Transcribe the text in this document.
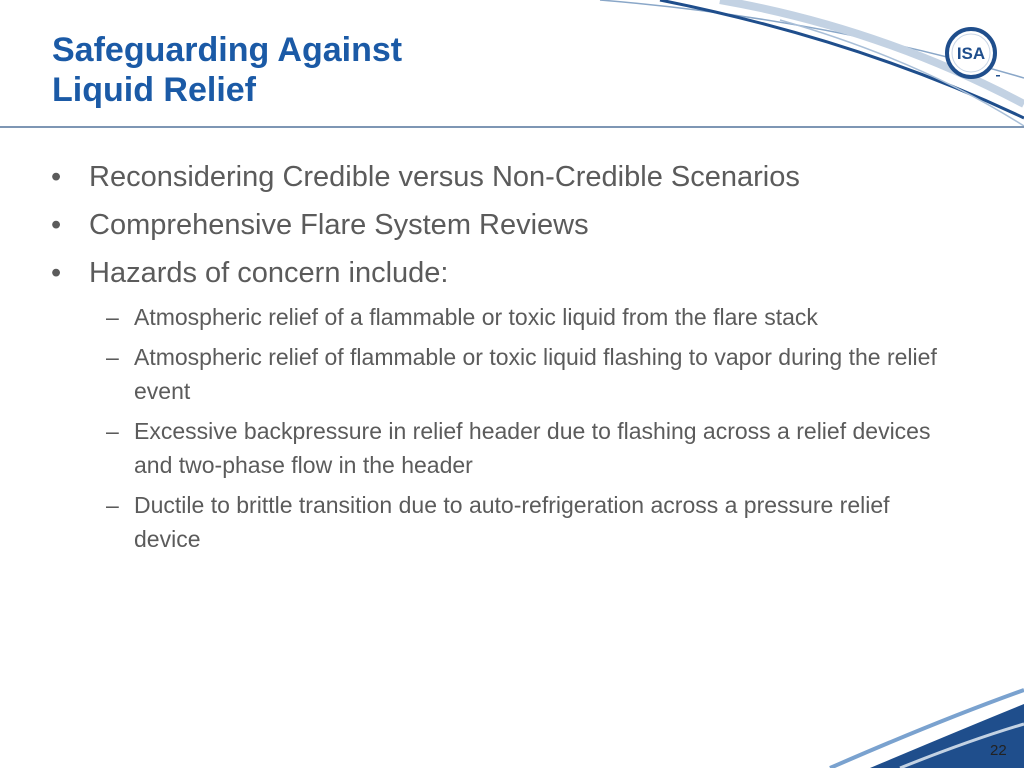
Safeguarding Against
Liquid Relief
ISA
• Reconsidering Credible versus Non-Credible Scenarios
• Comprehensive Flare System Reviews
• Hazards of concern include:
– Atmospheric relief of a flammable or toxic liquid from the flare stack
– Atmospheric relief of flammable or toxic liquid flashing to vapor during the relief event
– Excessive backpressure in relief header due to flashing across a relief devices and two-phase flow in the header
– Ductile to brittle transition due to auto-refrigeration across a pressure relief device
22
